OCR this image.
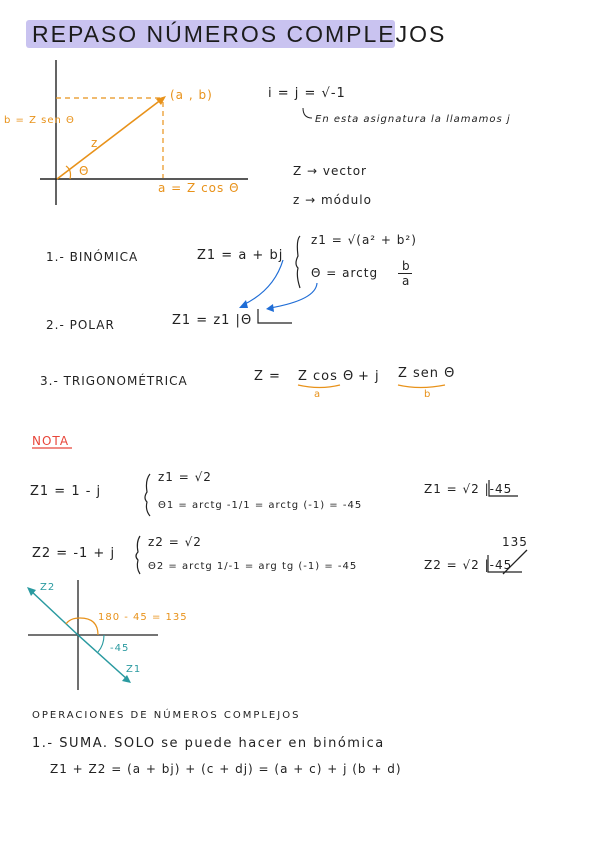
REPASO NÚMEROS COMPLEJOS
(a , b)
b = Z sen Θ
z
Θ
a = Z cos Θ
i = j = √-1
En esta asignatura la llamamos j
Z → vector
z → módulo
1.- BINÓMICA	Z1 = a + bj
z1 = √(a² + b²)
Θ = arctg b
a
2.- POLAR	Z1 = z1 |Θ
3.- TRIGONOMÉTRICA	Z = Z cos Θ + j Z sen Θ
a	b
NOTA
Z1 = 1 - j
z1 = √2
Θ1 = arctg -1/1 = arctg (-1) = -45
Z1 = √2 |-45
Z2 = -1 + j
z2 = √2
Θ2 = arctg 1/-1 = arg tg (-1) = -45	Z2 = √2 |-45
135
Z2
Z1
180 - 45 = 135
-45
OPERACIONES DE NÚMEROS COMPLEJOS
1.- SUMA. SOLO se puede hacer en binómica
Z1 + Z2 = (a + bj) + (c + dj) = (a + c) + j (b + d)
